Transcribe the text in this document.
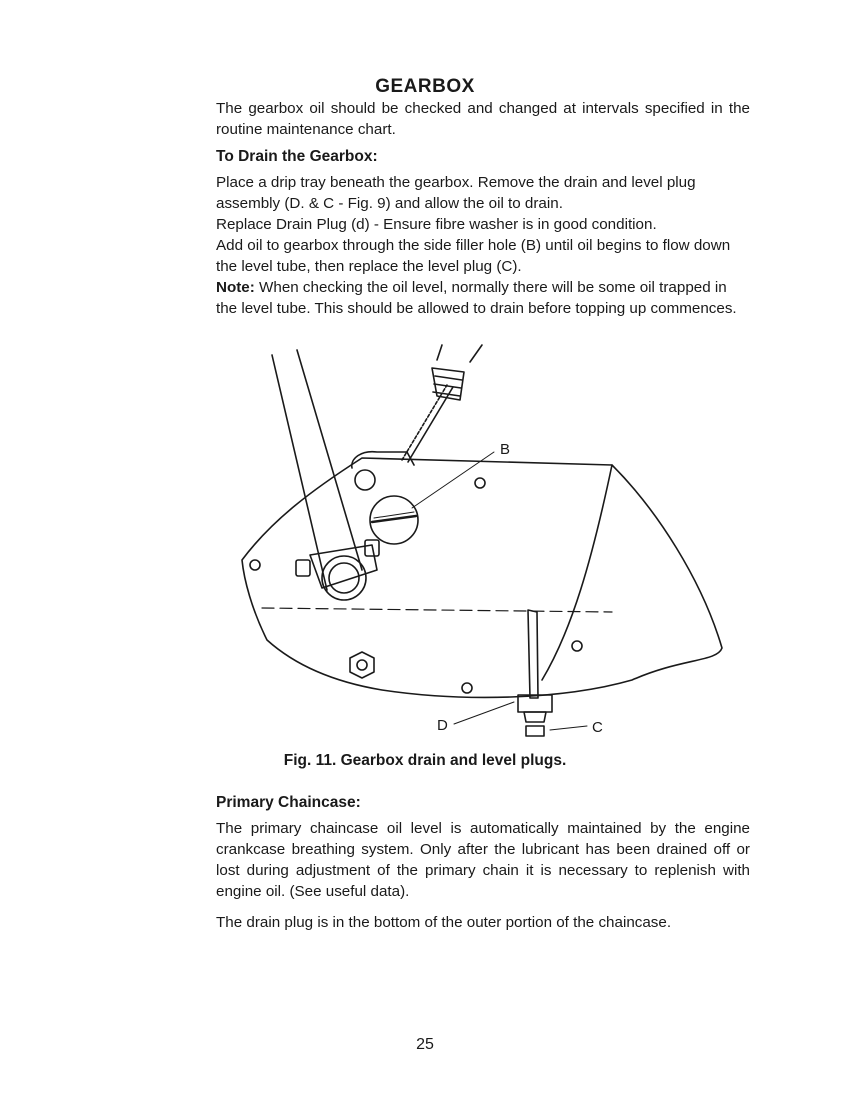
GEARBOX

The gearbox oil should be checked and changed at intervals specified in the routine maintenance chart.

To Drain the Gearbox:

Place a drip tray beneath the gearbox. Remove the drain and level plug assembly (D. & C - Fig. 9) and allow the oil to drain.

Replace Drain Plug (d) - Ensure fibre washer is in good condition.

Add oil to gearbox through the side filler hole (B) until oil begins to flow down the level tube, then replace the level plug (C).

Note: When checking the oil level, normally there will be some oil trapped in the level tube. This should be allowed to drain before topping up commences.

B
D	C
Fig. 11. Gearbox drain and level plugs.

Primary Chaincase:

The primary chaincase oil level is automatically maintained by the engine crankcase breathing system. Only after the lubricant has been drained off or lost during adjustment of the primary chain it is necessary to replenish with engine oil. (See useful data).

The drain plug is in the bottom of the outer portion of the chaincase.

25
